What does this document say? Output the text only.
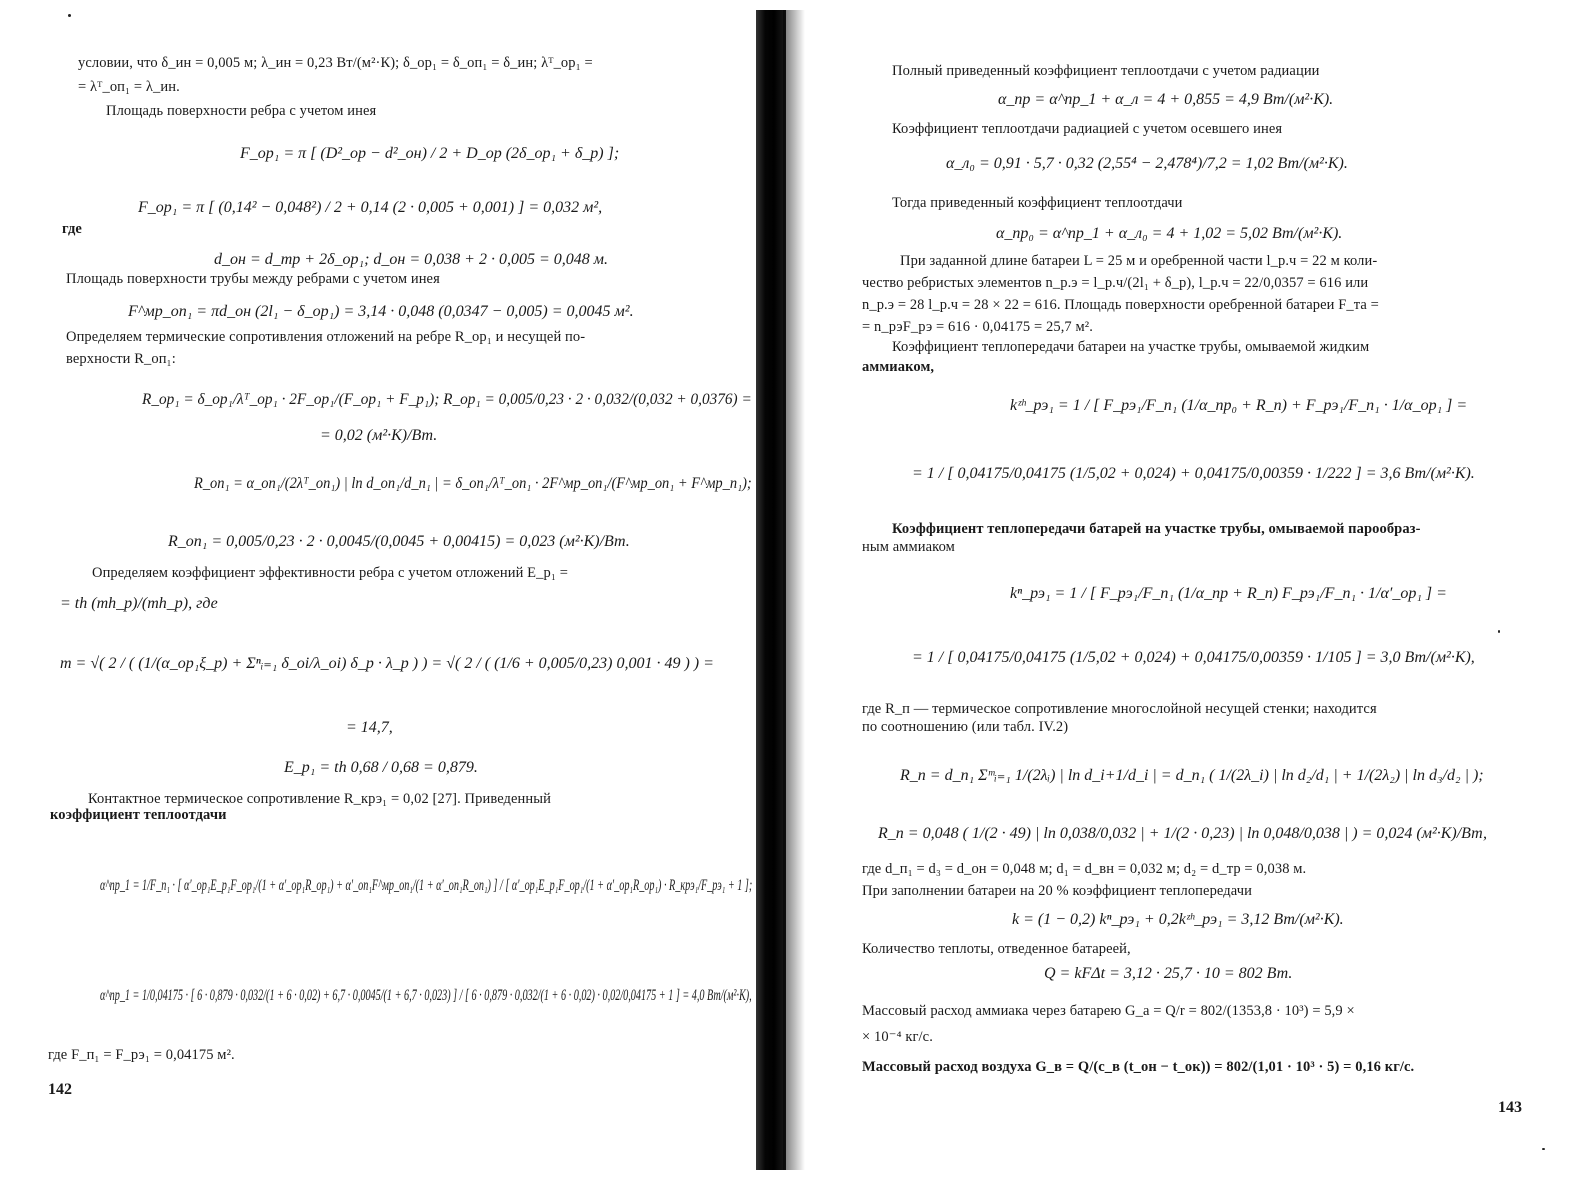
условии, что δ_ин = 0,005 м; λ_ин = 0,23 Вт/(м²·К); δ_ор₁ = δ_оп₁ = δ_ин; λᵀ_ор₁ =
= λᵀ_оп₁ = λ_ин.
Площадь поверхности ребра с учетом инея
F_ор₁ = π [ (D²_ор − d²_он) / 2 + D_ор (2δ_ор₁ + δ_р) ];
F_ор₁ = π [ (0,14² − 0,048²) / 2 + 0,14 (2 · 0,005 + 0,001) ] = 0,032 м²,
где
d_он = d_тр + 2δ_ор₁; d_он = 0,038 + 2 · 0,005 = 0,048 м.
Площадь поверхности трубы между ребрами с учетом инея
F^мр_оп₁ = πd_он (2l₁ − δ_ор₁) = 3,14 · 0,048 (0,0347 − 0,005) = 0,0045 м².
Определяем термические сопротивления отложений на ребре R_ор₁ и несущей по-
верхности R_оп₁:
R_ор₁ = δ_ор₁/λᵀ_ор₁ · 2F_ор₁/(F_ор₁ + F_р₁); R_ор₁ = 0,005/0,23 · 2 · 0,032/(0,032 + 0,0376) =
= 0,02 (м²·К)/Вт.
R_оп₁ = α_оп₁/(2λᵀ_оп₁) | ln d_оп₁/d_п₁ | = δ_оп₁/λᵀ_оп₁ · 2F^мр_оп₁/(F^мр_оп₁ + F^мр_п₁);
R_оп₁ = 0,005/0,23 · 2 · 0,0045/(0,0045 + 0,00415) = 0,023 (м²·К)/Вт.
Определяем коэффициент эффективности ребра с учетом отложений E_р₁ =
= th (mh_р)/(mh_р), где
m = √( 2 / ( (1/(α_ор₁ξ_р) + Σⁿᵢ₌₁ δ_oi/λ_oi) δ_р · λ_р ) ) = √( 2 / ( (1/6 + 0,005/0,23) 0,001 · 49 ) ) =
= 14,7,
E_р₁ = th 0,68 / 0,68 = 0,879.
Контактное термическое сопротивление R_крэ₁ = 0,02 [27]. Приведенный
коэффициент теплоотдачи
α^пр_1 = 1/F_п₁ · [ α′_ор₁E_р₁F_ор₁/(1 + α′_ор₁R_ор₁) + α′_оп₁F^мр_оп₁/(1 + α′_оп₁R_оп₁) ] / [ α′_ор₁E_р₁F_ор₁/(1 + α′_ор₁R_ор₁) · R_крэ₁/F_рэ₁ + 1 ];
α^пр_1 = 1/0,04175 · [ 6 · 0,879 · 0,032/(1 + 6 · 0,02) + 6,7 · 0,0045/(1 + 6,7 · 0,023) ] / [ 6 · 0,879 · 0,032/(1 + 6 · 0,02) · 0,02/0,04175 + 1 ] = 4,0 Вт/(м²·К),
где F_п₁ = F_рэ₁ = 0,04175 м².
142
Полный приведенный коэффициент теплоотдачи с учетом радиации
α_пр = α^пр_1 + α_л = 4 + 0,855 = 4,9 Вт/(м²·К).
Коэффициент теплоотдачи радиацией с учетом осевшего инея
α_л₀ = 0,91 · 5,7 · 0,32 (2,55⁴ − 2,478⁴)/7,2 = 1,02 Вт/(м²·К).
Тогда приведенный коэффициент теплоотдачи
α_пр₀ = α^пр_1 + α_л₀ = 4 + 1,02 = 5,02 Вт/(м²·К).
При заданной длине батареи L = 25 м и оребренной части l_р.ч = 22 м коли-
чество ребристых элементов n_р.э = l_р.ч/(2l₁ + δ_р), l_р.ч = 22/0,0357 = 616 или
n_р.э = 28 l_р.ч = 28 × 22 = 616. Площадь поверхности оребренной батареи F_та =
= n_рэF_рэ = 616 · 0,04175 = 25,7 м².
Коэффициент теплопередачи батареи на участке трубы, омываемой жидким
аммиаком,
kᶻʰ_рэ₁ = 1 / [ F_рэ₁/F_п₁ (1/α_пр₀ + R_п) + F_рэ₁/F_п₁ · 1/α_ор₁ ] =
= 1 / [ 0,04175/0,04175 (1/5,02 + 0,024) + 0,04175/0,00359 · 1/222 ] = 3,6 Вт/(м²·К).
Коэффициент теплопередачи батарей на участке трубы, омываемой парообраз-
ным аммиаком
kⁿ_рэ₁ = 1 / [ F_рэ₁/F_п₁ (1/α_пр + R_п) F_рэ₁/F_п₁ · 1/α′_ор₁ ] =
= 1 / [ 0,04175/0,04175 (1/5,02 + 0,024) + 0,04175/0,00359 · 1/105 ] = 3,0 Вт/(м²·К),
где R_п — термическое сопротивление многослойной несущей стенки; находится
по соотношению (или табл. IV.2)
R_п = d_п₁ Σᵐᵢ₌₁ 1/(2λᵢ) | ln d_i+1/d_i | = d_п₁ ( 1/(2λ_i) | ln d₂/d₁ | + 1/(2λ₂) | ln d₃/d₂ | );
R_п = 0,048 ( 1/(2 · 49) | ln 0,038/0,032 | + 1/(2 · 0,23) | ln 0,048/0,038 | ) = 0,024 (м²·К)/Вт,
где d_п₁ = d₃ = d_он = 0,048 м; d₁ = d_вн = 0,032 м; d₂ = d_тр = 0,038 м.
При заполнении батареи на 20 % коэффициент теплопередачи
k = (1 − 0,2) kⁿ_рэ₁ + 0,2kᶻʰ_рэ₁ = 3,12 Вт/(м²·К).
Количество теплоты, отведенное батареей,
Q = kFΔt = 3,12 · 25,7 · 10 = 802 Вт.
Массовый расход аммиака через батарею G_а = Q/r = 802/(1353,8 · 10³) = 5,9 ×
× 10⁻⁴ кг/с.
Массовый расход воздуха G_в = Q/(c_в (t_он − t_ок)) = 802/(1,01 · 10³ · 5) = 0,16 кг/с.
143
